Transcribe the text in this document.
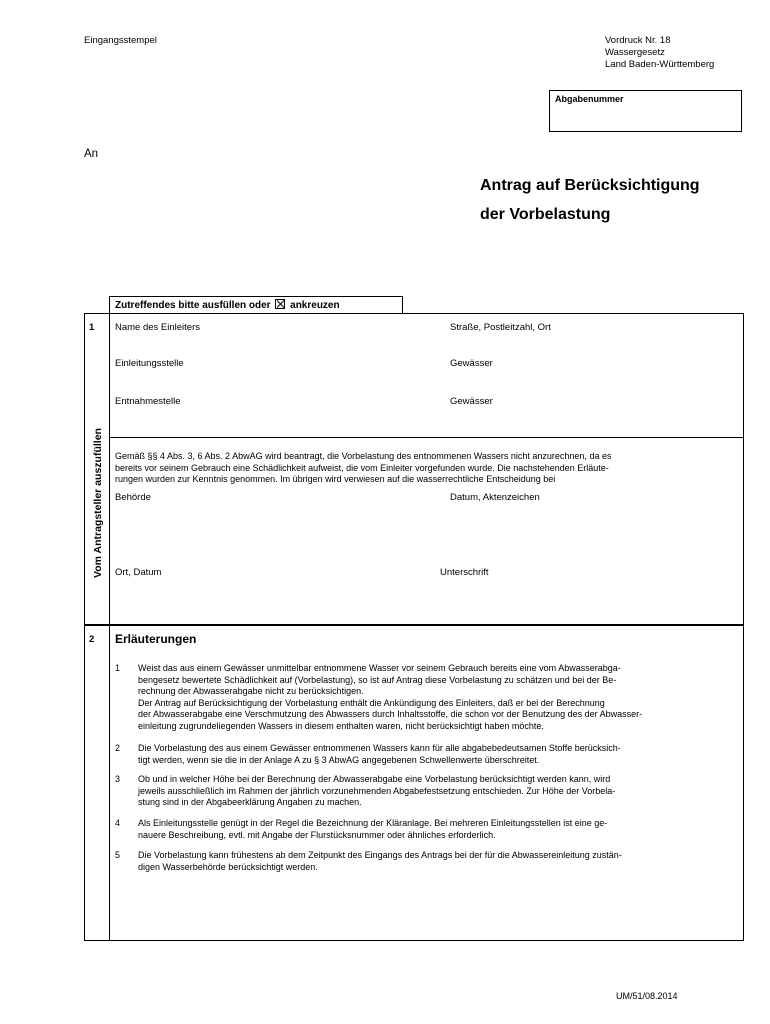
Eingangsstempel	Vordruck Nr. 18
Wassergesetz
Land Baden-Württemberg
Abgabenummer
An
Antrag auf Berücksichtigung
der Vorbelastung
Zutreffendes bitte ausfüllen oder ankreuzen
1
Vom Antragsteller auszufüllen
Name des Einleiters	Straße, Postleitzahl, Ort
Einleitungsstelle	Gewässer
Entnahmestelle	Gewässer
Gemäß §§ 4 Abs. 3, 6 Abs. 2 AbwAG wird beantragt, die Vorbelastung des entnommenen Wassers nicht anzurechnen, da es
bereits vor seinem Gebrauch eine Schädlichkeit aufweist, die vom Einleiter vorgefunden wurde. Die nachstehenden Erläute-
rungen wurden zur Kenntnis genommen. Im übrigen wird verwiesen auf die wasserrechtliche Entscheidung bei
Behörde	Datum, Aktenzeichen
Ort, Datum	Unterschrift
2 Erläuterungen
1 Weist das aus einem Gewässer unmittelbar entnommene Wasser vor seinem Gebrauch bereits eine vom Abwasserabga-
bengesetz bewertete Schädlichkeit auf (Vorbelastung), so ist auf Antrag diese Vorbelastung zu schätzen und bei der Be-
rechnung der Abwasserabgabe nicht zu berücksichtigen.
Der Antrag auf Berücksichtigung der Vorbelastung enthält die Ankündigung des Einleiters, daß er bei der Berechnung
der Abwasserabgabe eine Verschmutzung des Abwassers durch Inhaltsstoffe, die schon vor der Benutzung des der Abwasser-
einleitung zugrundeliegenden Wassers in diesem enthalten waren, nicht berücksichtigt haben möchte.
2 Die Vorbelastung des aus einem Gewässer entnommenen Wassers kann für alle abgabebedeutsamen Stoffe berücksich-
tigt werden, wenn sie die in der Anlage A zu § 3 AbwAG angegebenen Schwellenwerte überschreitet.
3 Ob und in welcher Höhe bei der Berechnung der Abwasserabgabe eine Vorbelastung berücksichtigt werden kann, wird
jeweils ausschließlich im Rahmen der jährlich vorzunehmenden Abgabefestsetzung entschieden. Zur Höhe der Vorbela-
stung sind in der Abgabeerklärung Angaben zu machen.
4 Als Einleitungsstelle genügt in der Regel die Bezeichnung der Kläranlage. Bei mehreren Einleitungsstellen ist eine ge-
nauere Beschreibung, evtl. mit Angabe der Flurstücksnummer oder ähnliches erforderlich.
5 Die Vorbelastung kann frühestens ab dem Zeitpunkt des Eingangs des Antrags bei der für die Abwassereinleitung zustän-
digen Wasserbehörde berücksichtigt werden.
UM/51/08.2014
